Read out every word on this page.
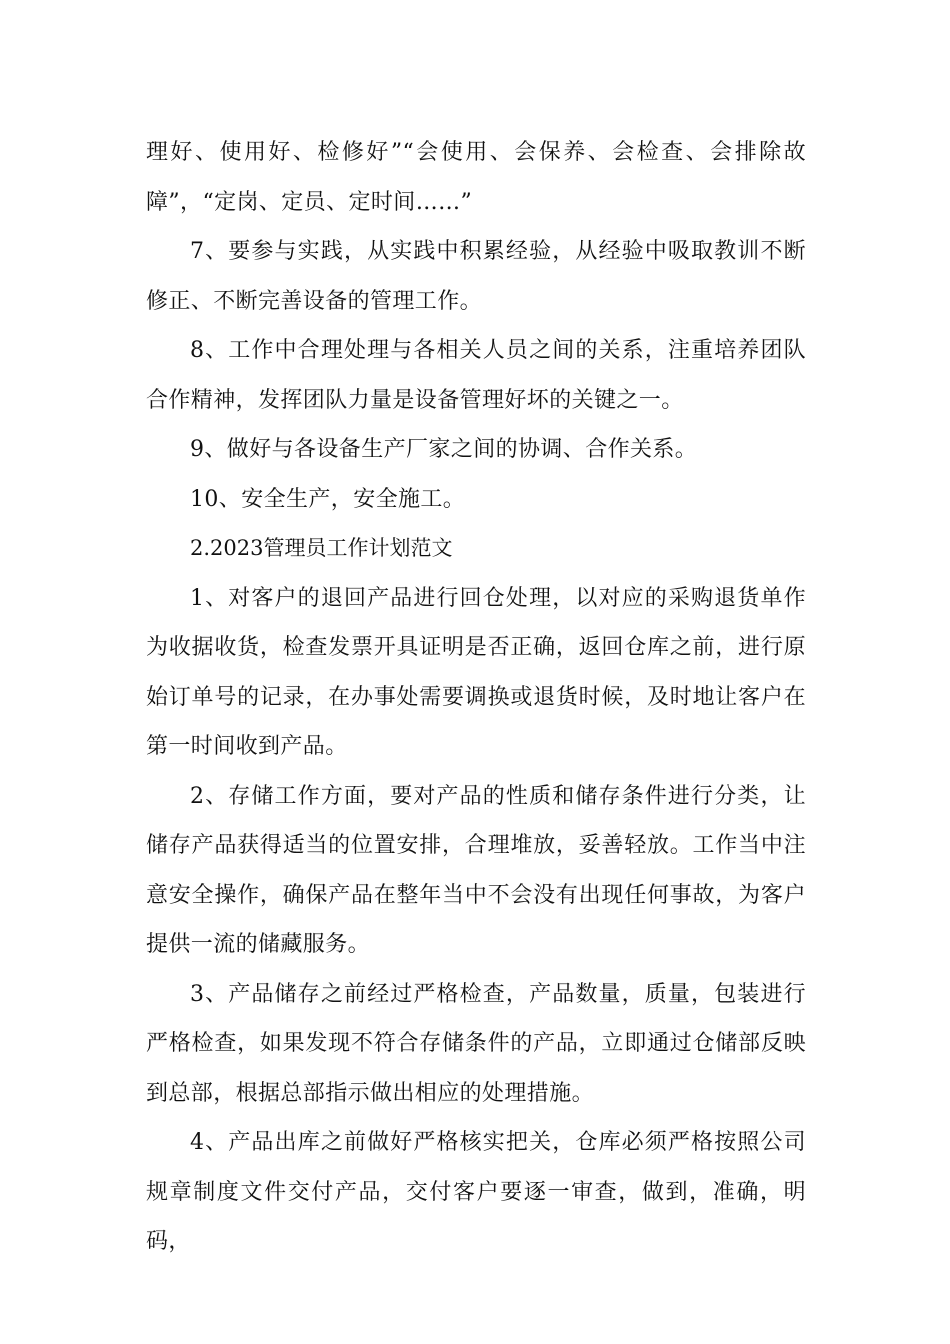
理好、使用好、检修好”“会使用、会保养、会检查、会排除故障”，“定岗、定员、定时间……”

7、要参与实践，从实践中积累经验，从经验中吸取教训不断修正、不断完善设备的管理工作。

8、工作中合理处理与各相关人员之间的关系，注重培养团队合作精神，发挥团队力量是设备管理好坏的关键之一。

9、做好与各设备生产厂家之间的协调、合作关系。

10、安全生产，安全施工。

2.2023管理员工作计划范文

1、对客户的退回产品进行回仓处理，以对应的采购退货单作为收据收货，检查发票开具证明是否正确，返回仓库之前，进行原始订单号的记录，在办事处需要调换或退货时候，及时地让客户在第一时间收到产品。

2、存储工作方面，要对产品的性质和储存条件进行分类，让储存产品获得适当的位置安排，合理堆放，妥善轻放。工作当中注意安全操作，确保产品在整年当中不会没有出现任何事故，为客户提供一流的储藏服务。

3、产品储存之前经过严格检查，产品数量，质量，包装进行严格检查，如果发现不符合存储条件的产品，立即通过仓储部反映到总部，根据总部指示做出相应的处理措施。

4、产品出库之前做好严格核实把关，仓库必须严格按照公司规章制度文件交付产品，交付客户要逐一审查，做到，准确，明码，
